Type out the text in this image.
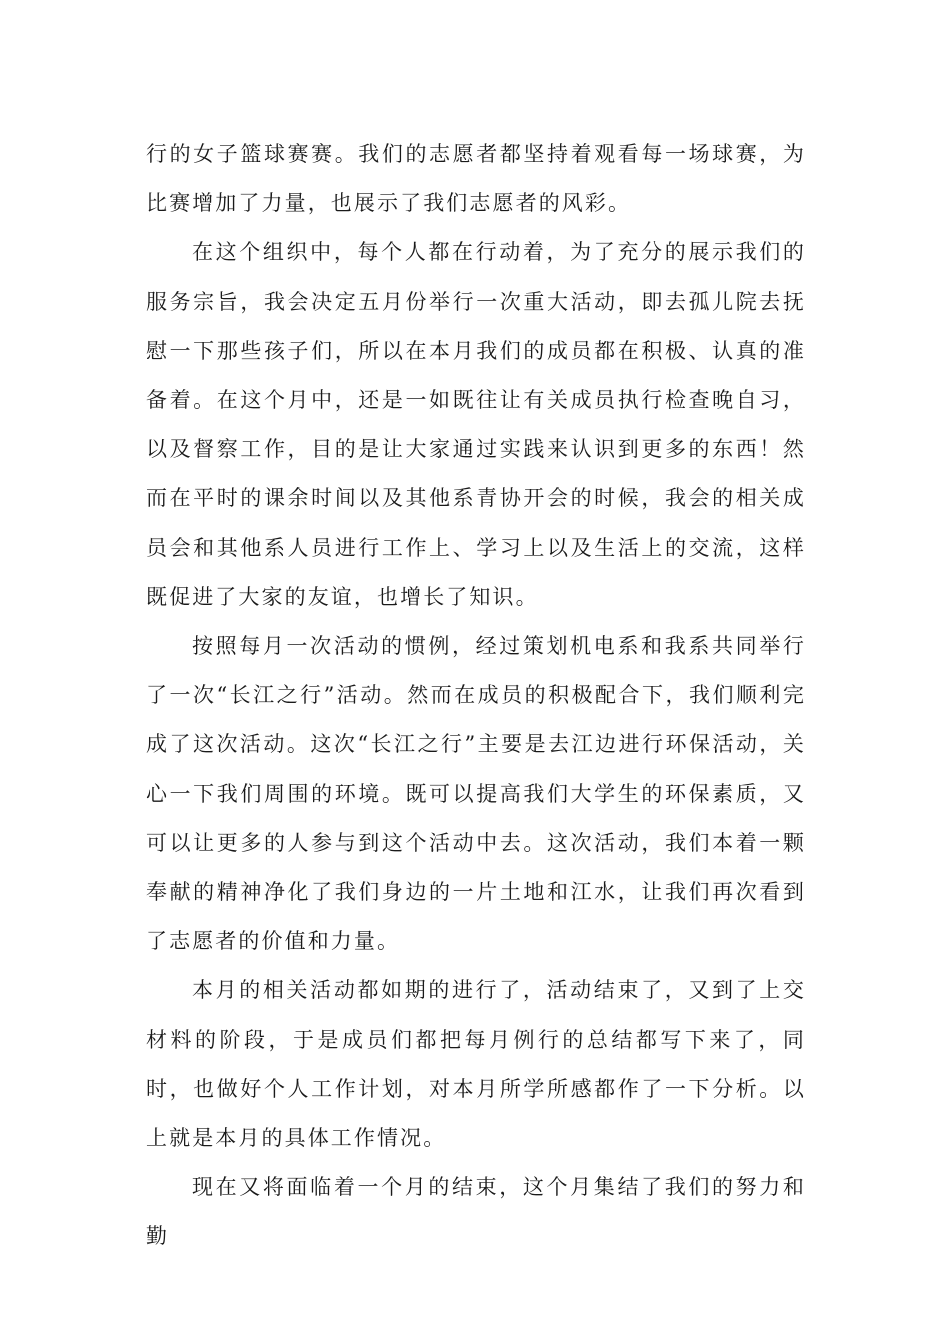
行的女子篮球赛赛。我们的志愿者都坚持着观看每一场球赛，为比赛增加了力量，也展示了我们志愿者的风彩。

在这个组织中，每个人都在行动着，为了充分的展示我们的服务宗旨，我会决定五月份举行一次重大活动，即去孤儿院去抚慰一下那些孩子们，所以在本月我们的成员都在积极、认真的准备着。在这个月中，还是一如既往让有关成员执行检查晚自习，以及督察工作，目的是让大家通过实践来认识到更多的东西！然而在平时的课余时间以及其他系青协开会的时候，我会的相关成员会和其他系人员进行工作上、学习上以及生活上的交流，这样既促进了大家的友谊，也增长了知识。

按照每月一次活动的惯例，经过策划机电系和我系共同举行了一次“长江之行”活动。然而在成员的积极配合下，我们顺利完成了这次活动。这次“长江之行”主要是去江边进行环保活动，关心一下我们周围的环境。既可以提高我们大学生的环保素质，又可以让更多的人参与到这个活动中去。这次活动，我们本着一颗奉献的精神净化了我们身边的一片土地和江水，让我们再次看到了志愿者的价值和力量。

本月的相关活动都如期的进行了，活动结束了，又到了上交材料的阶段，于是成员们都把每月例行的总结都写下来了，同时，也做好个人工作计划，对本月所学所感都作了一下分析。以上就是本月的具体工作情况。

现在又将面临着一个月的结束，这个月集结了我们的努力和勤
